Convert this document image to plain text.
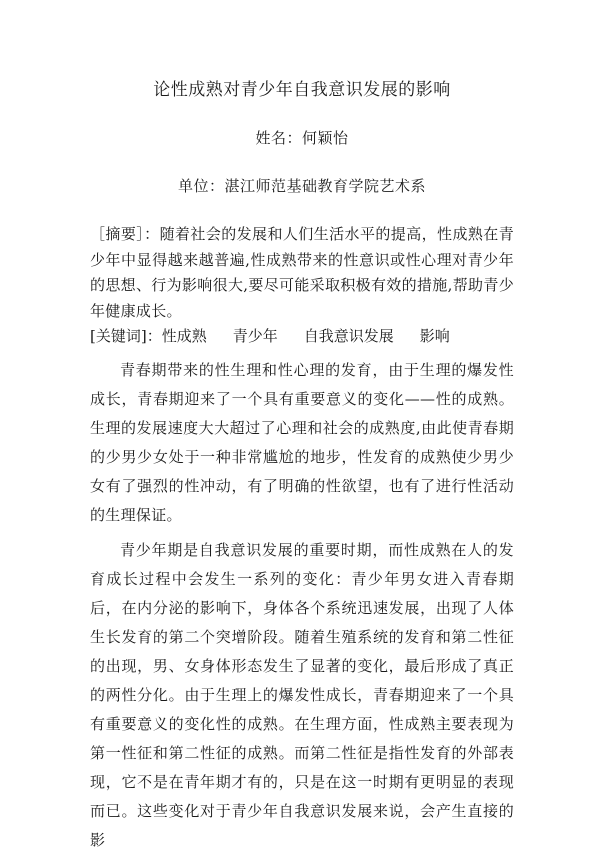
论性成熟对青少年自我意识发展的影响
姓名：何颖怡
单位：湛江师范基础教育学院艺术系

［摘要］：随着社会的发展和人们生活水平的提高，性成熟在青少年中显得越来越普遍,性成熟带来的性意识或性心理对青少年的思想、行为影响很大,要尽可能采取积极有效的措施,帮助青少年健康成长。

[关键词]： 性成熟 青少年 自我意识发展 影响

青春期带来的性生理和性心理的发育，由于生理的爆发性成长，青春期迎来了一个具有重要意义的变化——性的成熟。生理的发展速度大大超过了心理和社会的成熟度,由此使青春期的少男少女处于一种非常尴尬的地步，性发育的成熟使少男少女有了强烈的性冲动，有了明确的性欲望，也有了进行性活动的生理保证。

青少年期是自我意识发展的重要时期，而性成熟在人的发育成长过程中会发生一系列的变化：青少年男女进入青春期后，在内分泌的影响下，身体各个系统迅速发展，出现了人体生长发育的第二个突增阶段。随着生殖系统的发育和第二性征的出现，男、女身体形态发生了显著的变化，最后形成了真正的两性分化。由于生理上的爆发性成长，青春期迎来了一个具有重要意义的变化性的成熟。在生理方面，性成熟主要表现为第一性征和第二性征的成熟。而第二性征是指性发育的外部表现，它不是在青年期才有的，只是在这一时期有更明显的表现而已。这些变化对于青少年自我意识发展来说，会产生直接的影
